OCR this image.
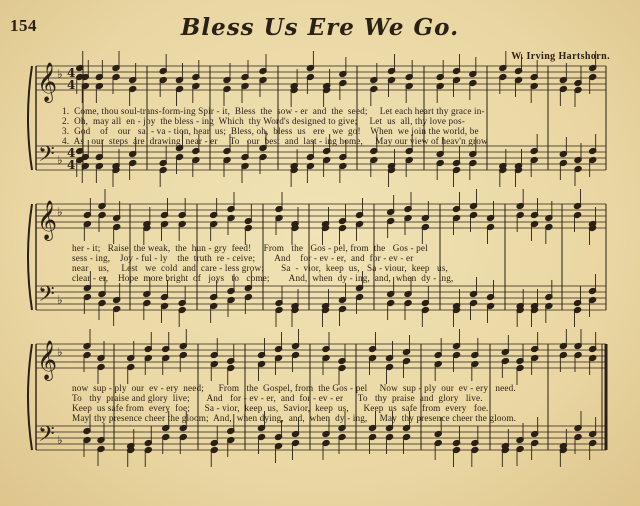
154	Bless Us Ere We Go.
W. Irving Hartshorn.
𝄞
𝄢
♭
♭
4
4
4
4
𝄞
𝄢
♭
♭
𝄞
𝄢
♭
♭
1.  Come, thou soul-trans-form-ing Spir - it,  Bless  the  sow - er  and  the  seed;     Let each heart thy grace in-
2.  Oh,  may all  en - joy  the bless - ing  Which  thy Word's designed to give;     Let  us  all, thy love pos-
3.  God    of    our   sal - va - tion, hear  us;  Bless, oh,  bless  us   ere   we  go!    When  we join the world, be
4.  As   our  steps  are  drawing  near - er     To   our  best  and  last - ing home,     May our view of heav'n grow
her - it;   Raise  the weak,  the  hun - gry  feed!     From   the   Gos - pel, from  the   Gos - pel
sess - ing,    Joy - ful - ly    the  truth  re - ceive;        And    for - ev - er,  and  for - ev - er
near    us,     Lest   we  cold  and  care - less grow;       Sa  -  vior,  keep  us,   Sa - viour,  keep   us,
clear - er,    Hope  more bright  of   joys   to   come;        And,  when  dy - ing,  and,  when  dy - ing,
now  sup - ply  our  ev - ery  need;      From   the  Gospel, from  the Gos - pel     Now  sup - ply  our  ev - ery   need.
To   thy  praise and glory  live;       And   for - ev - er,  and  for - ev - er      To   thy  praise  and  glory   live.
Keep  us safe from  every  foe;      Sa - vior,  keep  us,  Savior,  keep  us,      Keep  us  safe  from  every   foe.
May  thy presence cheer the gloom;  And,  when dying,  and,  when  dy - ing,     May  thy presence cheer the gloom.
